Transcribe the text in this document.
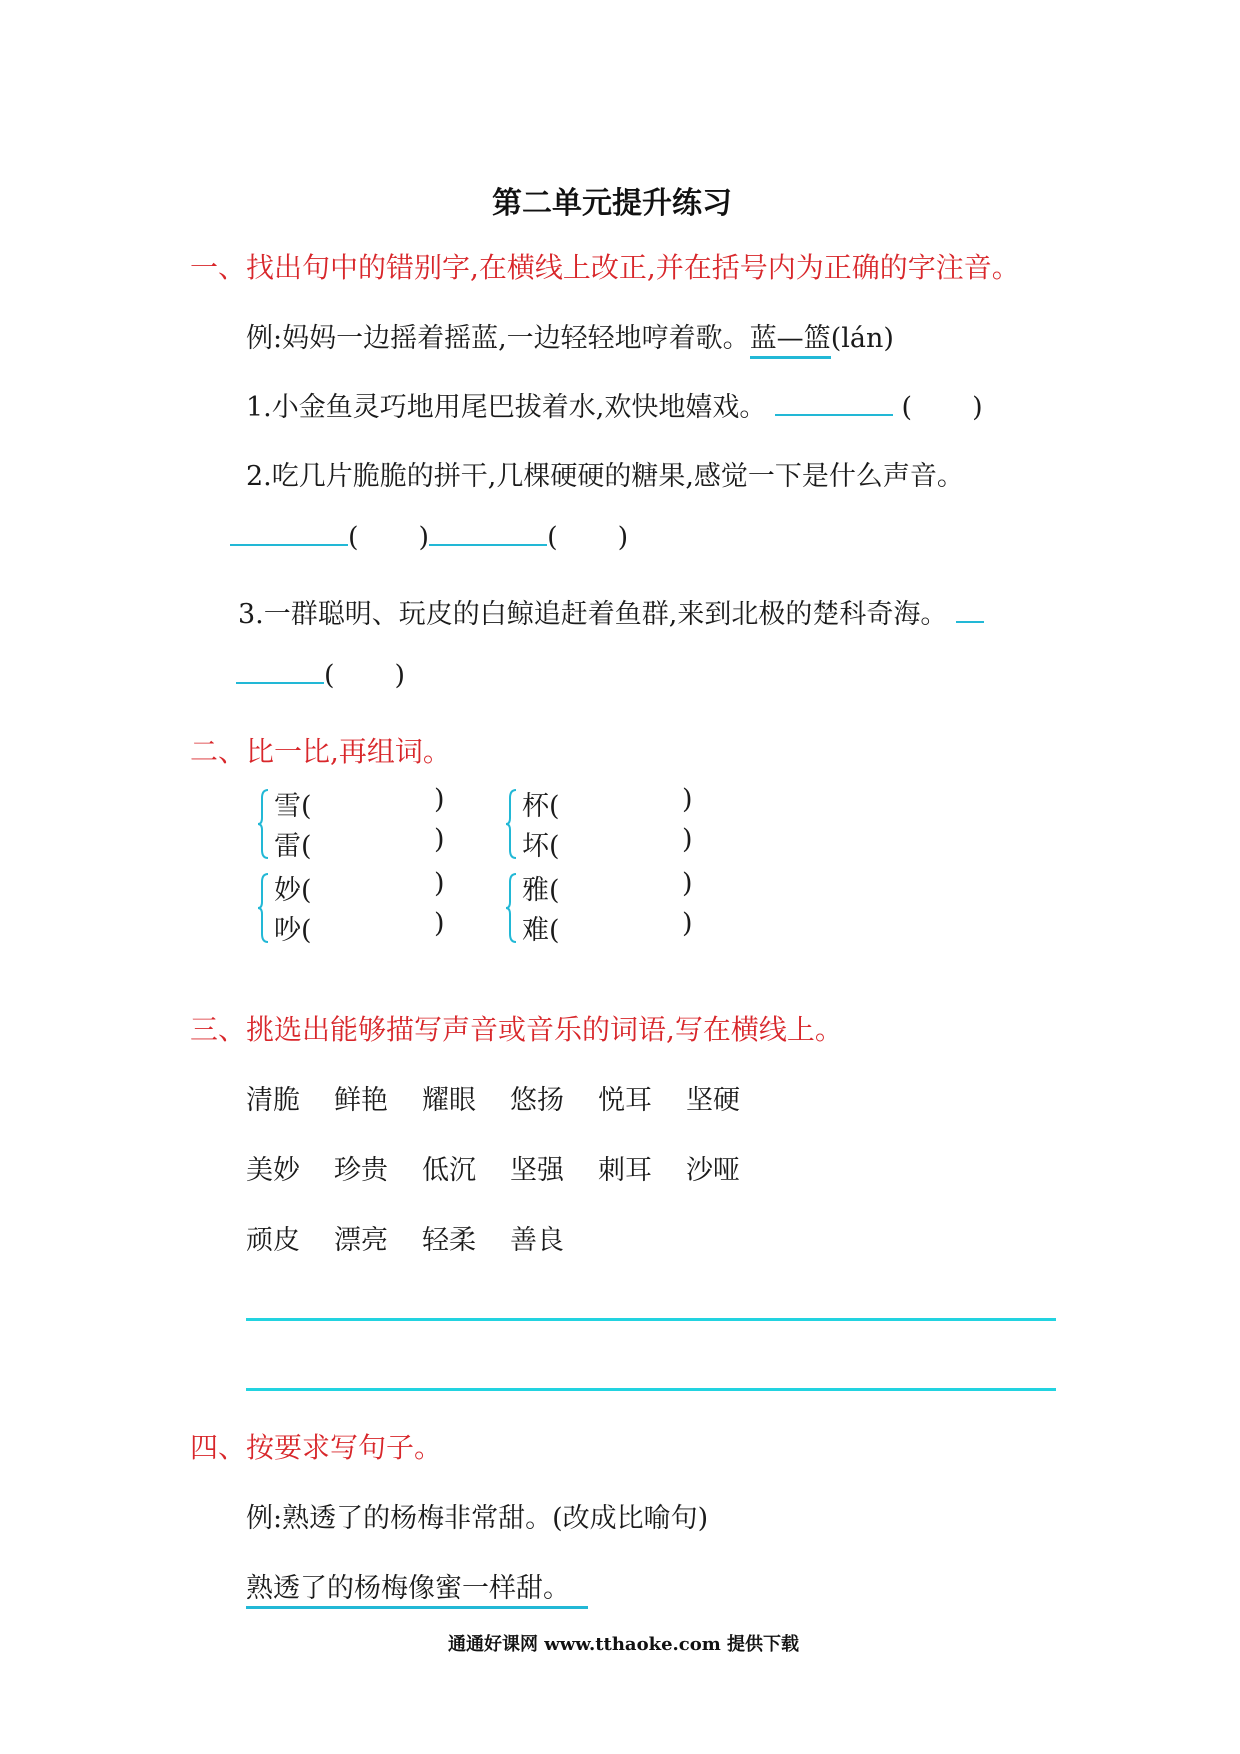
第二单元提升练习
一、找出句中的错别字,在横线上改正,并在括号内为正确的字注音。
例:妈妈一边摇着摇蓝,一边轻轻地哼着歌。蓝—篮(lán)
1.小金鱼灵巧地用尾巴拔着水,欢快地嬉戏。	( )
2.吃几片脆脆的拼干,几棵硬硬的糖果,感觉一下是什么声音。
( )	( )
3.一群聪明、玩皮的白鲸追赶着鱼群,来到北极的楚科奇海。
( )
二、比一比,再组词。
雪(	)
雷(	)
杯(	)
坏(	)
妙(	)
吵(	)
雅(	)
难(	)
三、挑选出能够描写声音或音乐的词语,写在横线上。
清脆 鲜艳 耀眼 悠扬 悦耳 坚硬
美妙 珍贵 低沉 坚强 刺耳 沙哑
顽皮 漂亮 轻柔 善良
四、按要求写句子。
例:熟透了的杨梅非常甜。(改成比喻句)
熟透了的杨梅像蜜一样甜。
通通好课网 www.tthaoke.com 提供下载
